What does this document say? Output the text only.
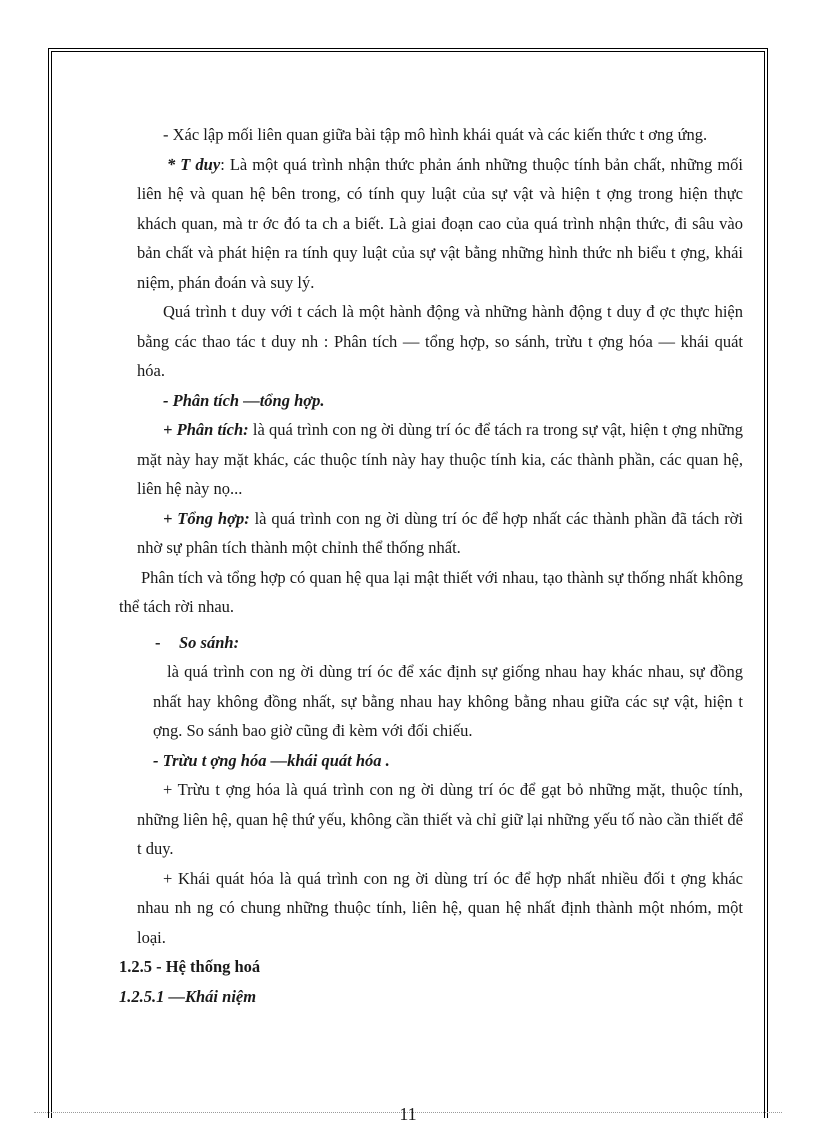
- Xác lập mối liên quan giữa bài tập mô hình khái quát và các kiến thức t ơng ứng.

* T duy: Là một quá trình nhận thức phản ánh những thuộc tính bản chất, những mối liên hệ và quan hệ bên trong, có tính quy luật của sự vật và hiện t ợng trong hiện thực khách quan, mà tr ớc đó ta ch a biết. Là giai đoạn cao của quá trình nhận thức, đi sâu vào bản chất và phát hiện ra tính quy luật của sự vật bằng những hình thức nh biểu t ợng, khái niệm, phán đoán và suy lý.

Quá trình t duy với t cách là một hành động và những hành động t duy đ ợc thực hiện bằng các thao tác t duy nh : Phân tích — tổng hợp, so sánh, trừu t ợng hóa — khái quát hóa.

- Phân tích —tổng hợp.

+ Phân tích: là quá trình con ng ời dùng trí óc để tách ra trong sự vật, hiện t ợng những mặt này hay mặt khác, các thuộc tính này hay thuộc tính kia, các thành phần, các quan hệ, liên hệ này nọ...

+ Tổng hợp: là quá trình con ng ời dùng trí óc để hợp nhất các thành phần đã tách rời nhờ sự phân tích thành một chỉnh thể thống nhất.

Phân tích và tổng hợp có quan hệ qua lại mật thiết với nhau, tạo thành sự thống nhất không thể tách rời nhau.

- So sánh:

là quá trình con ng ời dùng trí óc để xác định sự giống nhau hay khác nhau, sự đồng nhất hay không đồng nhất, sự bằng nhau hay không bằng nhau giữa các sự vật, hiện t ợng. So sánh bao giờ cũng đi kèm với đối chiếu.

- Trừu t ợng hóa —khái quát hóa .

+ Trừu t ợng hóa là quá trình con ng ời dùng trí óc để gạt bỏ những mặt, thuộc tính, những liên hệ, quan hệ thứ yếu, không cần thiết và chỉ giữ lại những yếu tố nào cần thiết để t duy.

+ Khái quát hóa là quá trình con ng ời dùng trí óc để hợp nhất nhiều đối t ợng khác nhau nh ng có chung những thuộc tính, liên hệ, quan hệ nhất định thành một nhóm, một loại.

1.2.5 - Hệ thống hoá

1.2.5.1 —Khái niệm

11
